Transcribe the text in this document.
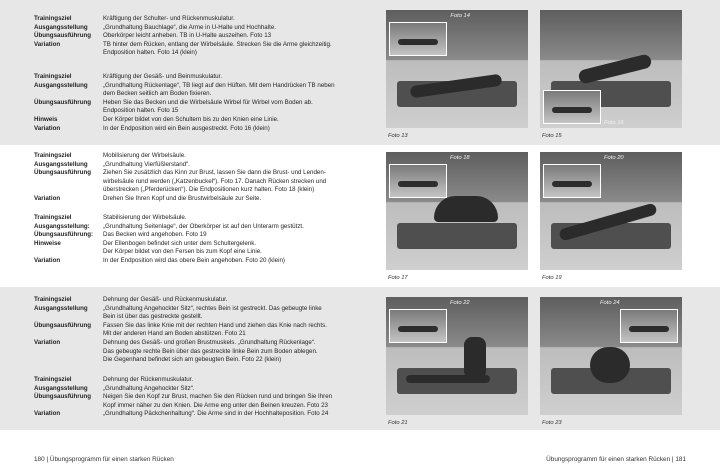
Trainingsziel	Kräftigung der Schulter- und Rückenmuskulatur.
Ausgangsstellung	„Grundhaltung Bauchlage“, die Arme in U-Halte und Hochhalte.
Übungsausführung	Oberkörper leicht anheben. TB in U-Halte auszeihen. Foto 13
Variation	TB hinter dem Rücken, entlang der Wirbelsäule. Strecken Sie die Arme gleichzeitig.
Endposition halten. Foto 14 (klein)
Trainingsziel	Kräftigung der Gesäß- und Beinmuskulatur.
Ausgangsstellung	„Grundhaltung Rückenlage“, TB liegt auf den Hüften. Mit dem Handrücken TB neben
dem Becken seitlich am Boden fixieren.
Übungsausführung	Heben Sie das Becken und die Wirbelsäule Wirbel für Wirbel vom Boden ab.
Endposition halten. Foto 15
Hinweis	Der Körper bildet von den Schultern bis zu den Knien eine Linie.
Variation	In der Endposition wird ein Bein ausgestreckt. Foto 16 (klein)
Trainingsziel	Mobilisierung der Wirbelsäule.
Ausgangsstellung	„Grundhaltung Vierfüßlerstand“.
Übungsausführung	Ziehen Sie zusätzlich das Kinn zur Brust, lassen Sie dann die Brust- und Lenden-
wirbelsäule rund werden („Katzenbuckel“). Foto 17. Danach Rücken strecken und
überstrecken („Pferderücken“). Die Endpositionen kurz halten. Foto 18 (klein)
Variation	Drehen Sie Ihren Kopf und die Brustwirbelsäule zur Seite.
Trainingsziel	Stabilisierung der Wirbelsäule.
Ausgangsstellung:	„Grundhaltung Seitenlage“, der Oberkörper ist auf den Unterarm gestützt.
Übungsausführung:	Das Becken wird angehoben. Foto 19
Hinweise	Der Ellenbogen befindet sich unter dem Schultergelenk.
Der Körper bildet von den Fersen bis zum Kopf eine Linie.
Variation	In der Endposition wird das obere Bein angehoben. Foto 20 (klein)
Trainingsziel	Dehnung der Gesäß- und Rückenmuskulatur.
Ausgangsstellung	„Grundhaltung Angehockter Sitz“, rechtes Bein ist gestreckt. Das gebeugte linke
Bein ist über das gestreckte gestellt.
Übungsausführung	Fassen Sie das linke Knie mit der rechten Hand und ziehen das Knie nach rechts.
Mit der anderen Hand am Boden abstützen. Foto 21
Variation	Dehnung des Gesäß- und großen Brustmuskels. „Grundhaltung Rückenlage“.
Das gebeugte rechte Bein über das gestreckte linke Bein zum Boden ablegen.
Die Gegenhand befindet sich am gebeugten Bein. Foto 22 (klein)
Trainingsziel	Dehnung der Rückenmuskulatur.
Ausgangsstellung	„Grundhaltung Angehockter Sitz“.
Übungsausführung	Neigen Sie den Kopf zur Brust, machen Sie den Rücken rund und bringen Sie Ihren
Kopf immer näher zu den Knien. Die Arme eng unter den Beinen kreuzen. Foto 23
Variation	„Grundhaltung Päckchenhaltung“. Die Arme sind in der Hochhalteposition. Foto 24
Foto 14
Foto 13
Foto 16
Foto 15
Foto 18
Foto 17
Foto 20
Foto 19
Foto 22
Foto 21
Foto 24
Foto 23
180 | Übungsprogramm für einen starken Rücken	Übungsprogramm für einen starken Rücken | 181
